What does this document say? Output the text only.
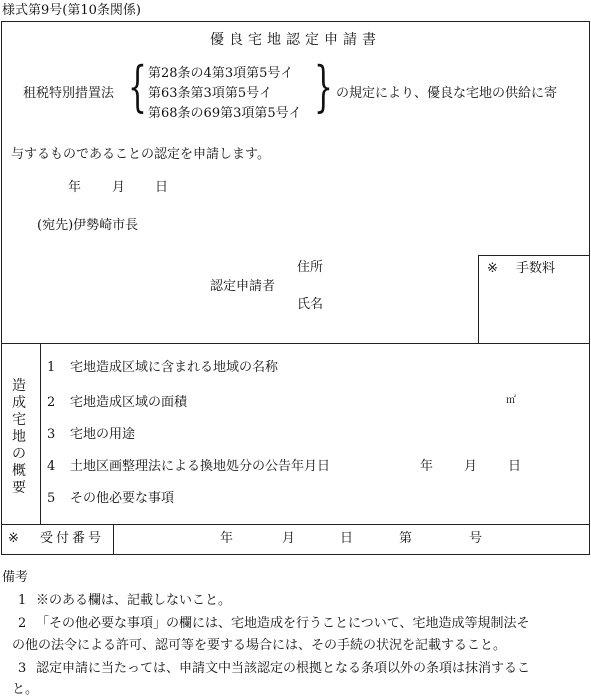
様式第9号(第10条関係)
優良宅地認定申請書
租税特別措置法 { 第28条の4第3項第5号イ
第63条第3項第5号イ
第68条の69第3項第5号イ } の規定により、優良な宅地の供給に寄
与するものであることの認定を申請します。
年 月 日
(宛先)伊勢崎市長
住所
認定申請者
氏名
※ 手数料
造
成
宅
地
の
概
要
1 宅地造成区域に含まれる地域の名称
2 宅地造成区域の面積	㎡
3 宅地の用途
4 土地区画整理法による換地処分の公告年月日	年 月 日
5 その他必要な事項
※ 受付番号	年	月	日	第	号
備考
1 ※のある欄は、記載しないこと。
2 「その他必要な事項」の欄には、宅地造成を行うことについて、宅地造成等規制法そ
の他の法令による許可、認可等を要する場合には、その手続の状況を記載すること。
3 認定申請に当たっては、申請文中当該認定の根拠となる条項以外の条項は抹消するこ
と。
